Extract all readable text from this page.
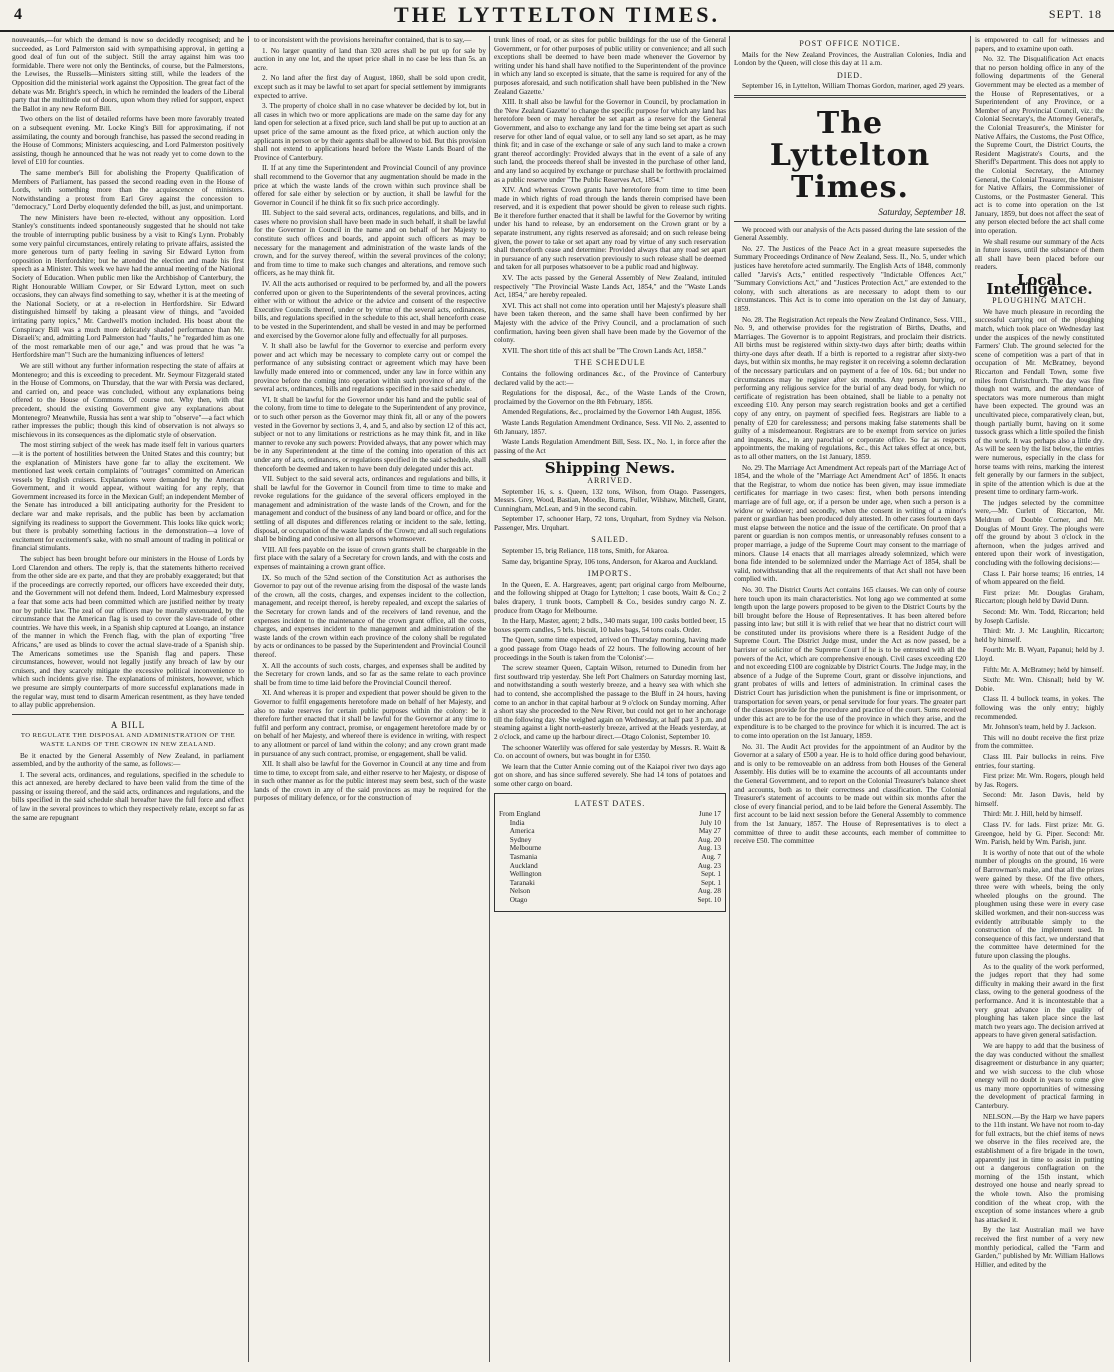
4	THE LYTTELTON TIMES.	SEPT. 18

nouveautés,—for which the demand is now so decidedly recognised; and he succeeded, as Lord Palmerston said with sympathising approval, in getting a good deal of fun out of the subject. Still the array against him was too formidable. There were not only the Bentincks, of course, but the Palmerstons, the Lewises, the Russells—Ministers sitting still, while the leaders of the Opposition did the ministerial work against the Opposition. The great fact of the debate was Mr. Bright's speech, in which he reminded the leaders of the Liberal party that the multitude out of doors, upon whom they relied for support, expect the Ballot in any new Reform Bill.

Two others on the list of detailed reforms have been more favorably treated on a subsequent evening. Mr. Locke King's Bill for approximating, if not assimilating, the county and borough franchise, has passed the second reading in the House of Commons; Ministers acquiescing, and Lord Palmerston positively assisting, though he announced that he was not ready yet to come down to the level of £10 for counties.

The same member's Bill for abolishing the Property Qualification of Members of Parliament, has passed the second reading even in the House of Lords, with something more than the acquiescence of ministers. Notwithstanding a protest from Earl Grey against the concession to "democracy," Lord Derby eloquently defended the bill, as just, and unimportant.

The new Ministers have been re-elected, without any opposition. Lord Stanley's constituents indeed spontaneously suggested that he should not take the trouble of interrupting public business by a visit to King's Lynn. Probably some very painful circumstances, entirely relating to private affairs, assisted the more generous turn of party feeling in saving Sir Edward Lytton from opposition in Hertfordshire; but he attended the election and made his first speech as a Minister. This week we have had the annual meeting of the National Society of Education. When public men like the Archbishop of Canterbury, the Right Honourable William Cowper, or Sir Edward Lytton, meet on such occasions, they can always find something to say, whether it is at the meeting of the National Society, or at a re-election in Hertfordshire. Sir Edward distinguished himself by taking a pleasant view of things, and "avoided irritating party topics," Mr. Cardwell's motion included. His boast about the Conspiracy Bill was a much more delicately shaded performance than Mr. Disraeli's; and, admitting Lord Palmerston had "faults," he "regarded him as one of the most remarkable men of our age," and was proud that he was "a Hertfordshire man"! Such are the humanizing influences of letters!

We are still without any further information respecting the state of affairs at Montenegro; and this is exceeding to precedent. Mr. Seymour Fitzgerald stated in the House of Commons, on Thursday, that the war with Persia was declared, and carried on, and peace was concluded, without any explanations being offered to the House of Commons. Of course not. Why then, with that precedent, should the existing Government give any explanations about Montenegro? Meanwhile, Russia has sent a war ship to "observe"—a fact which rather impresses the public; though this kind of observation is not always so mischievous in its consequences as the diplomatic style of observation.

The most stirring subject of the week has made itself felt in various quarters—it is the portent of hostilities between the United States and this country; but the explanation of Ministers have gone far to allay the excitement. We mentioned last week certain complaints of "outrages" committed on American vessels by English cruisers. Explanations were demanded by the American Government, and it would appear, without waiting for any reply, that Government increased its force in the Mexican Gulf; an independent Member of the Senate has introduced a bill anticipating authority for the President to declare war and make reprisals, and the public has been by acclamation signifying its readiness to support the Government. This looks like quick work; but there is probably something factious in the demonstration—a love of excitement for excitement's sake, with no small amount of trading in political or financial stimulants.

The subject has been brought before our ministers in the House of Lords by Lord Clarendon and others. The reply is, that the statements hitherto received from the other side are ex parte, and that they are probably exaggerated; but that if the proceedings are correctly reported, our officers have exceeded their duty, and the Government will not defend them. Indeed, Lord Malmesbury expressed a fear that some acts had been committed which are justified neither by treaty nor by public law. The zeal of our officers may be morally extenuated, by the circumstance that the American flag is used to cover the slave-trade of other countries. We have this week, in a Spanish ship captured at Loango, an instance of the manner in which the French flag, with the plan of exporting "free Africans," are used as blinds to cover the actual slave-trade of a Spanish ship. The Americans sometimes use the Spanish flag and papers. These circumstances, however, would not legally justify any breach of law by our cruisers, and they scarcely mitigate the excessive political inconvenience to which such incidents give rise. The explanations of ministers, however, which we presume are simply counterparts of more successful explanations made in the regular way, must tend to disarm American resentment, as they have tended to allay public apprehension.

A BILL

TO REGULATE THE DISPOSAL AND ADMINISTRATION OF THE WASTE LANDS OF THE CROWN IN NEW ZEALAND.

Be it enacted by the General Assembly of New Zealand, in parliament assembled, and by the authority of the same, as follows:—

I. The several acts, ordinances, and regulations, specified in the schedule to this act annexed, are hereby declared to have been valid from the time of the passing or issuing thereof, and the said acts, ordinances and regulations, and the bills specified in the said schedule shall hereafter have the full force and effect of law in the several provinces to which they respectively relate, except so far as the same are repugnant

to or inconsistent with the provisions hereinafter contained, that is to say,—

1. No larger quantity of land than 320 acres shall be put up for sale by auction in any one lot, and the upset price shall in no case be less than 5s. an acre.

2. No land after the first day of August, 1860, shall be sold upon credit, except such as it may be lawful to set apart for special settlement by immigrants expected to arrive.

3. The property of choice shall in no case whatever be decided by lot, but in all cases in which two or more applications are made on the same day for any land open for selection at a fixed price, such land shall be put up to auction at an upset price of the same amount as the fixed price, at which auction only the applicants in person or by their agents shall be allowed to bid. But this provision shall not extend to applications heard before the Waste Lands Board of the Province of Canterbury.

II. If at any time the Superintendent and Provincial Council of any province shall recommend to the Governor that any augmentation should be made in the price at which the waste lands of the crown within such province shall be offered for sale either by selection or by auction, it shall be lawful for the Governor in Council if he think fit so fix such price accordingly.

III. Subject to the said several acts, ordinances, regulations, and bills, and in cases where no provision shall have been made in such behalf, it shall be lawful for the Governor in Council in the name and on behalf of her Majesty to constitute such offices and boards, and appoint such officers as may be necessary for the management and administration of the waste lands of the crown, and for the survey thereof, within the several provinces of the colony; and from time to time to make such changes and alterations, and remove such officers, as he may think fit.

IV. All the acts authorised or required to be performed by, and all the powers conferred upon or given to the Superintendents of the several provinces, acting either with or without the advice or the advice and consent of the respective Executive Councils thereof, under or by virtue of the several acts, ordinances, bills, and regulations specified in the schedule to this act, shall henceforth cease to be vested in the Superintendent, and shall be vested in and may be performed and exercised by the Governor alone fully and effectually for all purposes.

V. It shall also be lawful for the Governor to exercise and perform every power and act which may be necessary to complete carry out or compel the performance of any subsisting contract or agreement which may have been lawfully made entered into or commenced, under any law in force within any province before the coming into operation within such province of any of the several acts, ordinances, bills and regulations specified in the said schedule.

VI. It shall be lawful for the Governor under his hand and the public seal of the colony, from time to time to delegate to the Superintendent of any province, or to such other person as the Governor may think fit, all or any of the powers vested in the Governor by sections 3, 4, and 5, and also by section 12 of this act, subject or not to any limitations or restrictions as he may think fit, and in like manner to revoke any such powers: Provided always, that any power which may be in any Superintendent at the time of the coming into operation of this act under any of acts, ordinances, or regulations specified in the said schedule, shall thenceforth be deemed and taken to have been duly delegated under this act.

VII. Subject to the said several acts, ordinances and regulations and bills, it shall be lawful for the Governor in Council from time to time to make and revoke regulations for the guidance of the several officers employed in the management and administration of the waste lands of the Crown, and for the management and conduct of the business of any land board or office, and for the settling of all disputes and differences relating or incident to the sale, letting, disposal, or occupation of the waste lands of the Crown; and all such regulations shall be binding and conclusive on all persons whomsoever.

VIII. All fees payable on the issue of crown grants shall be chargeable in the first place with the salary of a Secretary for crown lands, and with the costs and expenses of maintaining a crown grant office.

IX. So much of the 52nd section of the Constitution Act as authorises the Governor to pay out of the revenue arising from the disposal of the waste lands of the crown, all the costs, charges, and expenses incident to the collection, management, and receipt thereof, is hereby repealed, and except the salaries of the Secretary for crown lands and of the receivers of land revenue, and the expenses incident to the maintenance of the crown grant office, all the costs, charges, and expenses incident to the management and administration of the waste lands of the crown within each province of the colony shall be regulated by acts or ordinances to be passed by the Superintendent and Provincial Council thereof.

X. All the accounts of such costs, charges, and expenses shall be audited by the Secretary for crown lands, and so far as the same relate to each province shall be from time to time laid before the Provincial Council thereof.

XI. And whereas it is proper and expedient that power should be given to the Governor to fulfil engagements heretofore made on behalf of her Majesty, and also to make reserves for certain public purposes within the colony: be it therefore further enacted that it shall be lawful for the Governor at any time to fulfil and perform any contract, promise, or engagement heretofore made by or on behalf of her Majesty, and whereof there is evidence in writing, with respect to any allotment or parcel of land within the colony; and any crown grant made in pursuance of any such contract, promise, or engagement, shall be valid.

XII. It shall also be lawful for the Governor in Council at any time and from time to time, to except from sale, and either reserve to her Majesty, or dispose of in such other manner as for the public interest may seem best, such of the waste lands of the crown in any of the said provinces as may be required for the purposes of military defence, or for the construction of

trunk lines of road, or as sites for public buildings for the use of the General Government, or for other purposes of public utility or convenience; and all such exceptions shall be deemed to have been made whenever the Governor by writing under his hand shall have notified to the Superintendent of the province in which any land so excepted is situate, that the same is required for any of the purposes aforesaid, and such notification shall have been published in the 'New Zealand Gazette.'

XIII. It shall also be lawful for the Governor in Council, by proclamation in the 'New Zealand Gazette' to change the specific purpose for which any land has heretofore been or may hereafter be set apart as a reserve for the General Government, and also to exchange any land for the time being set apart as such reserve for other land of equal value, or to sell any land so set apart, as he may think fit; and in case of the exchange or sale of any such land to make a crown grant thereof accordingly: Provided always that in the event of a sale of any such land, the proceeds thereof shall be invested in the purchase of other land, and any land so acquired by exchange or purchase shall be forthwith proclaimed as a public reserve under "The Public Reserves Act, 1854."

XIV. And whereas Crown grants have heretofore from time to time been made in which rights of road through the lands therein comprised have been reserved, and it is expedient that power should be given to release such rights. Be it therefore further enacted that it shall be lawful for the Governor by writing under his hand to release, by an endorsement on the Crown grant or by a separate instrument, any rights reserved as aforesaid; and on such release being given, the power to take or set apart any road by virtue of any such reservation shall thenceforth cease and determine: Provided always that any road set apart in pursuance of any such reservation previously to such release shall be deemed and taken for all purposes whatsoever to be a public road and highway.

XV. The acts passed by the General Assembly of New Zealand, intituled respectively "The Provincial Waste Lands Act, 1854," and the "Waste Lands Act, 1854," are hereby repealed.

XVI. This act shall not come into operation until her Majesty's pleasure shall have been taken thereon, and the same shall have been confirmed by her Majesty with the advice of the Privy Council, and a proclamation of such confirmation, having been given shall have been made by the Governor of the colony.

XVII. The short title of this act shall be "The Crown Lands Act, 1858."

THE SCHEDULE

Contains the following ordinances &c., of the Province of Canterbury declared valid by the act:—

Regulations for the disposal, &c., of the Waste Lands of the Crown, proclaimed by the Governor on the 8th February, 1856.

Amended Regulations, &c., proclaimed by the Governor 14th August, 1856.

Waste Lands Regulation Amendment Ordinance, Sess. VII No. 2, assented to 6th January, 1857.

Waste Lands Regulation Amendment Bill, Sess. IX., No. 1, in force after the passing of the Act

Shipping News.
ARRIVED.

September 16, s. s. Queen, 132 tons, Wilson, from Otago. Passengers, Messrs. Grey, Wood, Bastian, Moodie, Burns, Fuller, Wilshaw, Mitchell, Grant, Cunningham, McLean, and 9 in the second cabin.

September 17, schooner Harp, 72 tons, Urquhart, from Sydney via Nelson. Passenger, Mrs. Urquhart.

SAILED.

September 15, brig Reliance, 118 tons, Smith, for Akaroa.

Same day, brigantine Spray, 106 tons, Anderson, for Akaroa and Auckland.

IMPORTS.

In the Queen, E. A. Hargreaves, agent; part original cargo from Melbourne, and the following shipped at Otago for Lyttelton; 1 case boots, Waitt & Co.; 2 bales drapery, 1 trunk boots, Campbell & Co., besides sundry cargo N. Z. produce from Otago for Melbourne.

In the Harp, Master, agent; 2 bdls., 340 mats sugar, 100 casks bottled beer, 15 boxes sperm candles, 5 brls. biscuit, 10 bales bags, 54 tons coals. Order.

The Queen, some time expected, arrived on Thursday morning, having made a good passage from Otago heads of 22 hours. The following account of her proceedings in the South is taken from the 'Colonist':—

The screw steamer Queen, Captain Wilson, returned to Dunedin from her first southward trip yesterday. She left Port Chalmers on Saturday morning last, and notwithstanding a south westerly breeze, and a heavy sea with which she had to contend, she accomplished the passage to the Bluff in 24 hours, having come to an anchor in that capital harbour at 9 o'clock on Sunday morning. After a short stay she proceeded to the New River, but could not get to her anchorage till the following day. She weighed again on Wednesday, at half past 3 p.m. and steaming against a light north-easterly breeze, arrived at the Heads yesterday, at 2 o'clock, and came up the harbour direct.—Otago Colonist, September 10.

The schooner Waterlily was offered for sale yesterday by Messrs. R. Waitt & Co. on account of owners, but was bought in for £350.

We learn that the Cutter Annie coming out of the Kaiapoi river two days ago got on shore, and has since suffered severely. She had 14 tons of potatoes and some other cargo on board.

LATEST DATES.
From England	June 17
India	July 10
America	May 27
Sydney	Aug. 20
Melbourne	Aug. 13
Tasmania	Aug. 7
Auckland	Aug. 23
Wellington	Sept. 1
Taranaki	Sept. 1
Nelson	Aug. 28
Otago	Sept. 10
POST OFFICE NOTICE.

Mails for the New Zealand Provinces, the Australian Colonies, India and London by the Queen, will close this day at 11 a.m.

DIED.

September 16, in Lyttelton, William Thomas Gordon, mariner, aged 29 years.

The Lyttelton Times.
Saturday, September 18.

We proceed with our analysis of the Acts passed during the late session of the General Assembly.

No. 27. The Justices of the Peace Act in a great measure supersedes the Summary Proceedings Ordinance of New Zealand, Sess. II., No. 5, under which justices have heretofore acted summarily. The English Acts of 1848, commonly called "Jarvis's Acts," entitled respectively "Indictable Offences Act," "Summary Convictions Act," and "Justices Protection Act," are extended to the colony, with such alterations as are necessary to adopt them to our circumstances. This Act is to come into operation on the 1st day of January, 1859.

No. 28. The Registration Act repeals the New Zealand Ordinance, Sess. VIII., No. 9, and otherwise provides for the registration of Births, Deaths, and Marriages. The Governor is to appoint Registrars, and proclaim their districts. All births must be registered within sixty-two days after birth; deaths within thirty-one days after death. If a birth is reported to a registrar after sixty-two days, but within six months, he may register it on receiving a solemn declaration of the necessary particulars and on payment of a fee of 10s. 6d.; but under no circumstances may he register after six months. Any person burying, or performing any religious service for the burial of any dead body, for which no certificate of registration has been obtained, shall be liable to a penalty not exceeding £10. Any person may search registration books and get a certified copy of any entry, on payment of specified fees. Registrars are liable to a penalty of £20 for carelessness; and persons making false statements shall be guilty of a misdemeanour. Registrars are to be exempt from service on juries and inquests, &c., in any parochial or corporate office. So far as respects appointments, the making of regulations, &c., this Act takes effect at once, but, as to all other matters, on the 1st January, 1859.

No. 29. The Marriage Act Amendment Act repeals part of the Marriage Act of 1854, and the whole of the "Marriage Act Amendment Act" of 1856. It enacts that the Registrar, to whom due notice has been given, may issue immediate certificates for marriage in two cases: first, when both persons intending marriage are of full age, or, if a person be under age, when such a person is a widow or widower; and secondly, when the consent in writing of a minor's parent or guardian has been produced duly attested. In other cases fourteen days must elapse between the notice and the issue of the certificate. On proof that a parent or guardian is non compos mentis, or unreasonably refuses consent to a proper marriage, a judge of the Supreme Court may consent to the marriage of minors. Clause 14 enacts that all marriages already solemnized, which were bona fide intended to be solemnized under the Marriage Act of 1854, shall be valid, notwithstanding that all the requirements of that Act shall not have been complied with.

No. 30. The District Courts Act contains 165 clauses. We can only of course here touch upon its main characteristics. Not long ago we commented at some length upon the large powers proposed to be given to the District Courts by the bill brought before the House of Representatives. It has been altered before passing into law; but still it is with relief that we hear that no district court will be constituted under its provisions where there is a Resident Judge of the Supreme Court. The District Judge must, under the Act as now passed, be a barrister or solicitor of the Supreme Court if he is to be entrusted with all the powers of the Act, which are comprehensive enough. Civil cases exceeding £20 and not exceeding £100 are cognizable by District Courts. The Judge may, in the absence of a Judge of the Supreme Court, grant or dissolve injunctions, and grant probates of wills and letters of administration. In criminal cases the District Court has jurisdiction when the punishment is fine or imprisonment, or transportation for seven years, or penal servitude for four years. The greater part of the clauses provide for the procedure and practice of the court. Sums received under this act are to be for the use of the province in which they arise, and the expenditure is to be charged to the province for which it is incurred. The act is to come into operation on the 1st January, 1859.

No. 31. The Audit Act provides for the appointment of an Auditor by the Governor at a salary of £500 a year. He is to hold office during good behaviour, and is only to be removeable on an address from both Houses of the General Assembly. His duties will be to examine the accounts of all accountants under the General Government, and to report on the Colonial Treasurer's balance sheet and accounts, both as to their correctness and classification. The Colonial Treasurer's statement of accounts to be made out within six months after the close of every financial period, and to be laid before the General Assembly. The first account to be laid next session before the General Assembly to commence from the 1st January, 1857. The House of Representatives is to elect a committee of three to audit these accounts, each member of committee to receive £50. The committee

is empowered to call for witnesses and papers, and to examine upon oath.

No. 32. The Disqualification Act enacts that no person holding office in any of the following departments of the General Government may be elected as a member of the House of Representatives, or a Superintendent of any Province, or a Member of any Provincial Council, viz.: the Colonial Secretary's, the Attorney General's, the Colonial Treasurer's, the Minister for Native Affairs, the Customs, the Post Office, the Supreme Court, the District Courts, the Resident Magistrate's Courts, and the Sheriff's Department. This does not apply to the Colonial Secretary, the Attorney General, the Colonial Treasurer, the Minister for Native Affairs, the Commissioner of Customs, or the Postmaster General. This act is to come into operation on the 1st January, 1859, but does not affect the seat of any person elected before the act shall come into operation.

We shall resume our summary of the Acts in future issues, until the substance of them all shall have been placed before our readers.

Local Intelligence.
PLOUGHING MATCH.

We have much pleasure in recording the successful carrying out of the ploughing match, which took place on Wednesday last under the auspices of the newly constituted Farmers' Club. The ground selected for the scene of competition was a part of that in occupation of Mr. McBratney, beyond Riccarton and Fendall Town, some five miles from Christchurch. The day was fine though not warm, and the attendance of spectators was more numerous than might have been expected. The ground was an uncultivated piece, comparatively clean, but, though partially burnt, having on it some tussock grass which a little spoiled the finish of the work. It was perhaps also a little dry. As will be seen by the list below, the entries were numerous, especially in the class for horse teams with reins, marking the interest felt generally by our farmers in the subject, in spite of the attention which is due at the present time to ordinary farm-work.

The judges selected by the committee were,—Mr. Curlett of Riccarton, Mr. Meldrum of Double Corner, and Mr. Douglas of Mount Grey. The ploughs were off the ground by about 3 o'clock in the afternoon, when the judges arrived and entered upon their work of investigation, concluding with the following decisions:—

Class I. Pair horse teams; 16 entries, 14 of whom appeared on the field.

First prize: Mr. Douglas Graham, Riccarton; plough held by David Dunn.

Second: Mr. Wm. Todd, Riccarton; held by Joseph Carlisle.

Third: Mr. J. Mc Laughlin, Riccarton; held by himself.

Fourth: Mr. B. Wyatt, Papanui; held by J. Lloyd.

Fifth: Mr. A. McBratney; held by himself.

Sixth: Mr. Wm. Chisnall; held by W. Dobie.

Class II. 4 bullock teams, in yokes. The following was the only entry; highly recommended.

Mr. Johnson's team, held by J. Jackson.

This will no doubt receive the first prize from the committee.

Class III. Pair bullocks in reins. Five entries, four starting.

First prize: Mr. Wm. Rogers, plough held by Jas. Rogers.

Second: Mr. Jason Davis, held by himself.

Third: Mr. J. Hill, held by himself.

Class IV. for lads. First prize: Mr. G. Greengoe, held by G. Piper. Second: Mr. Wm. Parish, held by Wm. Parish, junr.

It is worthy of note that out of the whole number of ploughs on the ground, 16 were of Barrowman's make, and that all the prizes were gained by these. Of the five others, three were with wheels, being the only wheeled ploughs on the ground. The ploughmen using these were in every case skilled workmen, and their non-success was evidently attributable simply to the construction of the implement used. In consequence of this fact, we understand that the committee have determined for the future upon classing the ploughs.

As to the quality of the work performed, the judges report that they had some difficulty in making their award in the first class, owing to the general goodness of the performance. And it is incontestable that a very great advance in the quality of ploughing has taken place since the last match two years ago. The decision arrived at appears to have given general satisfaction.

We are happy to add that the business of the day was conducted without the smallest disagreement or disturbance in any quarter; and we wish success to the club whose energy will no doubt in years to come give us many more opportunities of witnessing the development of practical farming in Canterbury.

NELSON.—By the Harp we have papers to the 11th instant. We have not room to-day for full extracts, but the chief items of news we observe in the files received are, the establishment of a fire brigade in the town, apparently just in time to assist in putting out a dangerous conflagration on the morning of the 15th instant, which destroyed one house and nearly spread to the whole town. Also the promising condition of the wheat crop, with the exception of some instances where a grub has attacked it.

By the last Australian mail we have received the first number of a very new monthly periodical, called the "Farm and Garden," published by Mr. William Hallows Hillier, and edited by the
